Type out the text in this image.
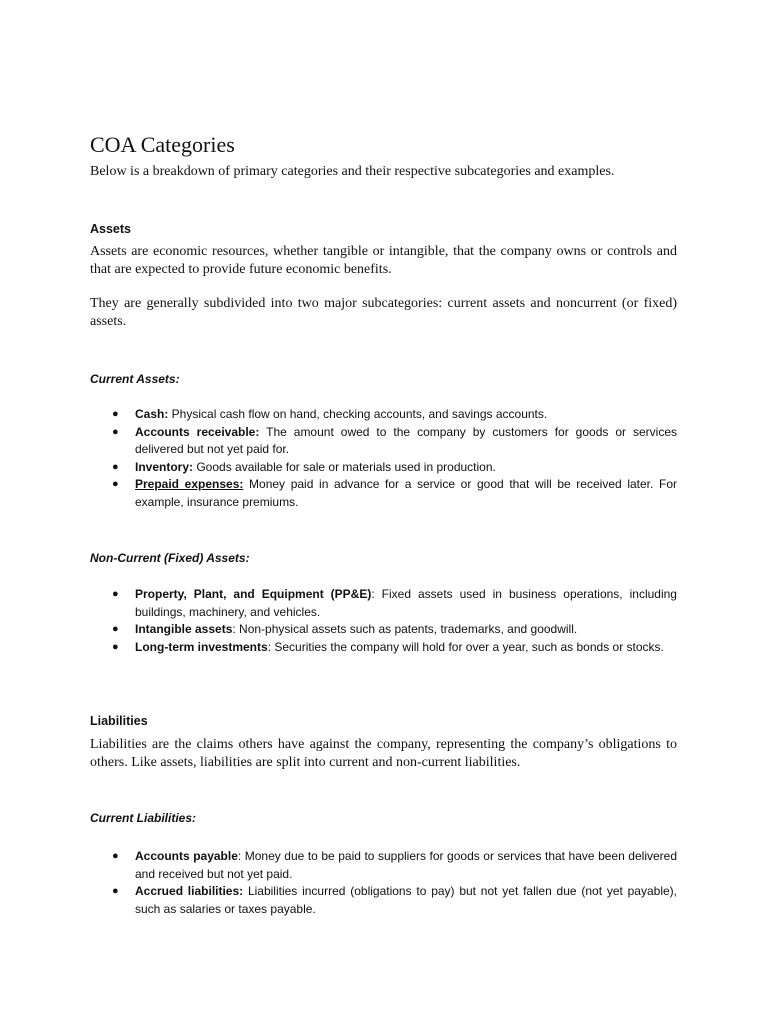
COA Categories

Below is a breakdown of primary categories and their respective subcategories and examples.

Assets

Assets are economic resources, whether tangible or intangible, that the company owns or controls and that are expected to provide future economic benefits.

They are generally subdivided into two major subcategories: current assets and noncurrent (or fixed) assets.

Current Assets:

● Cash: Physical cash flow on hand, checking accounts, and savings accounts.
● Accounts receivable: The amount owed to the company by customers for goods or services delivered but not yet paid for.
● Inventory: Goods available for sale or materials used in production.
● Prepaid expenses: Money paid in advance for a service or good that will be received later. For example, insurance premiums.

Non-Current (Fixed) Assets:

● Property, Plant, and Equipment (PP&E): Fixed assets used in business operations, including buildings, machinery, and vehicles.
● Intangible assets: Non-physical assets such as patents, trademarks, and goodwill.
● Long-term investments: Securities the company will hold for over a year, such as bonds or stocks.

Liabilities

Liabilities are the claims others have against the company, representing the company’s obligations to others. Like assets, liabilities are split into current and non-current liabilities.

Current Liabilities:

● Accounts payable: Money due to be paid to suppliers for goods or services that have been delivered and received but not yet paid.
● Accrued liabilities: Liabilities incurred (obligations to pay) but not yet fallen due (not yet payable), such as salaries or taxes payable.
